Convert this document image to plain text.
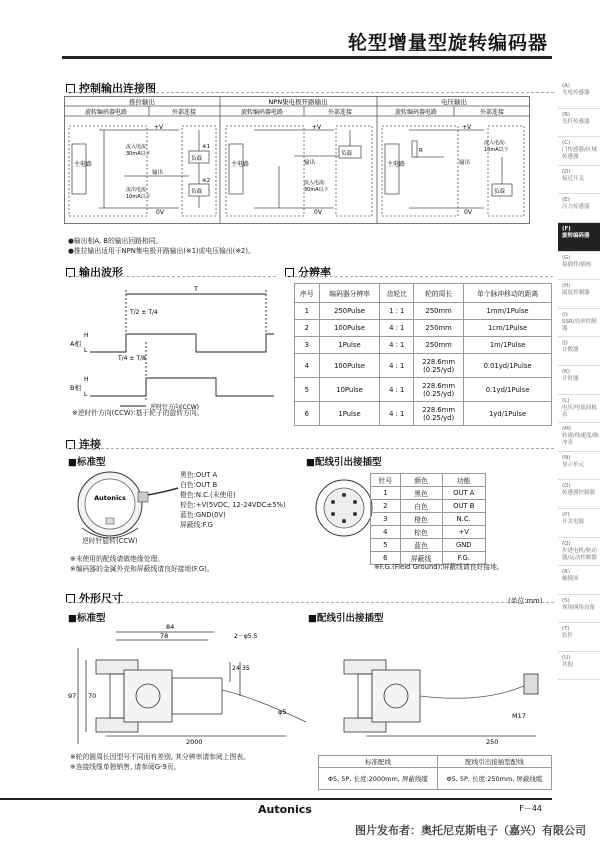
轮型增量型旋转编码器
(A)
光电传感器
(B)
光纤传感器
(C)
门传感器/区域传感器
(D)
接近开关
(E)
压力传感器
(F)
旋转编码器
(G)
接插件/插座
(H)
温度控制器
(I)
SSR/功率控制器
(J)
计数器
(K)
计时器
(L)
电压/电流面板表
(M)
转速/线速度/脉冲表
(N)
显示单元
(O)
传感器控制器
(P)
开关电源
(Q)
步进电机/驱动器/运动控制器
(R)
触摸屏
(S)
现场网络设备
(T)
软件
(U)
其他
控制输出连接图
推拉输出	NPN集电极开路输出	电压输出
旋转编码器电路	外部连接	旋转编码器电路	外部连接	旋转编码器电路	外部连接
+V
0V
主电路
负载
负载
输出
流入电流:
30mA以下
流出电流:
10mA以下
※1
※2
+V
0V
主电路
负载
输出
流入电流:
30mA以下
+V
0V
主电路
R
负载
输出
流入电流:
10mA以下
●输出相A, B的输出回路相同。
●推拉输出适用于NPN集电极开路输出(※1)或电压输出(※2)。
输出波形
T
T/2 ± T/4
T/4 ± T/8
A相
B相
H
L
H
L
逆时针方向(CCW)
※逆时针方向(CCW):基于轮子的旋转方向。
分辨率
序号	编码器分辨率	齿轮比	轮的周长	单个脉冲移动的距离
1	250Pulse	1 : 1	250mm	1mm/1Pulse
2	100Pulse	4 : 1	250mm	1cm/1Pulse
3	1Pulse	4 : 1	250mm	1m/1Pulse
4	100Pulse	4 : 1	228.6mm
(0.25/yd)	0.01yd/1Pulse
5	10Pulse	4 : 1	228.6mm
(0.25/yd)	0.1yd/1Pulse
6	1Pulse	4 : 1	228.6mm
(0.25/yd)	1yd/1Pulse
连接
■标准型
Autonics
逆时针旋转(CCW)
黑色:OUT A
白色:OUT B
橙色:N.C.(未使用)
棕色:+V(5VDC, 12-24VDC±5%)
蓝色:GND(0V)
屏蔽线:F.G
※未使用的配线请做绝缘处理。
※编码器的金属外壳和屏蔽线请良好接地(F.G)。
■配线引出接插型
针号	颜色	功能
1	黑色	OUT A
2	白色	OUT B
3	橙色	N.C.
4	棕色	+V
5	蓝色	GND
6	屏蔽线	F.G.
※F.G.(Field Ground):屏蔽线请良好接地。
外形尺寸	(单位:mm)
■标准型	■配线引出接插型
84
78	2－φ5.5
24 35
97 70
φ5
2000
M17
250
※轮的圆周长因型号不同而有差别, 其分辨率请参阅上图表。
※连接线缆单独销售, 请参阅G-9页。
标准配线	配线引出接插型配线
Φ5, 5P, 长度:2000mm, 屏蔽线缆	Φ5, 5P, 长度:250mm, 屏蔽线缆
Autonics	F－44
图片发布者：奥托尼克斯电子（嘉兴）有限公司
